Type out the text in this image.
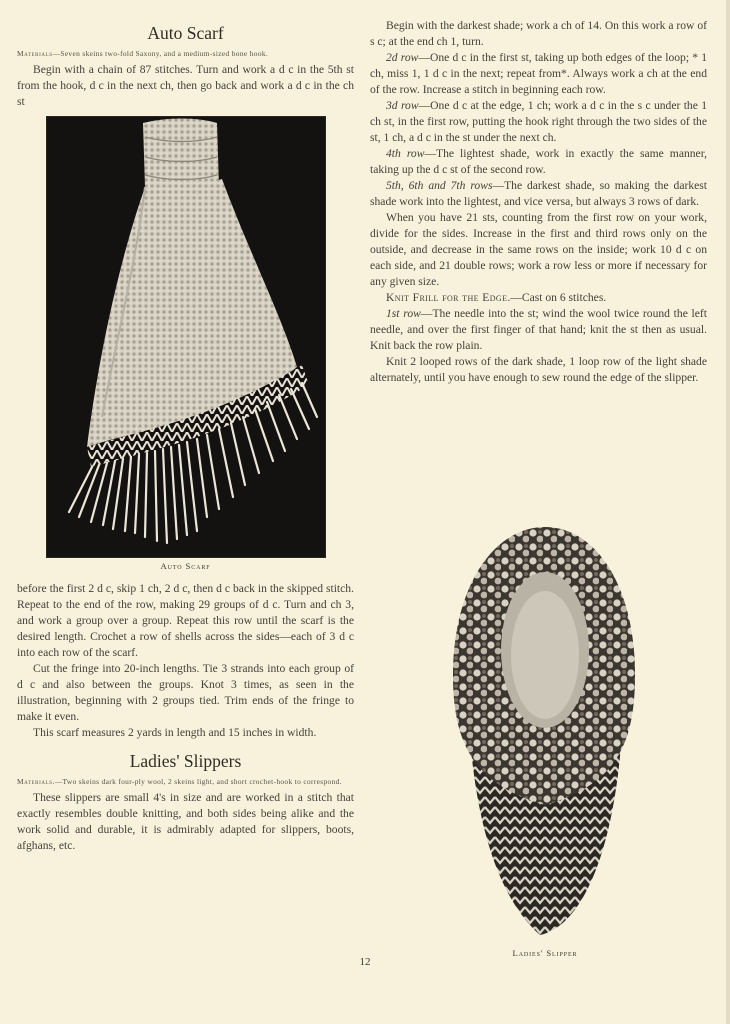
Auto Scarf
Materials—Seven skeins two-fold Saxony, and a medium-sized bone hook.

Begin with a chain of 87 stitches. Turn and work a d c in the 5th st from the hook, d c in the next ch, then go back and work a d c in the ch st

Auto Scarf

before the first 2 d c, skip 1 ch, 2 d c, then d c back in the skipped stitch. Repeat to the end of the row, making 29 groups of d c. Turn and ch 3, and work a group over a group. Repeat this row until the scarf is the desired length. Crochet a row of shells across the sides—each of 3 d c into each row of the scarf.

Cut the fringe into 20-inch lengths. Tie 3 strands into each group of d c and also between the groups. Knot 3 times, as seen in the illustration, beginning with 2 groups tied. Trim ends of the fringe to make it even.

This scarf measures 2 yards in length and 15 inches in width.

Ladies' Slippers
Materials.—Two skeins dark four-ply wool, 2 skeins light, and short crochet-hook to correspond.

These slippers are small 4's in size and are worked in a stitch that exactly resembles double knitting, and both sides being alike and the work solid and durable, it is admirably adapted for slippers, boots, afghans, etc.

Begin with the darkest shade; work a ch of 14. On this work a row of s c; at the end ch 1, turn.

2d row—One d c in the first st, taking up both edges of the loop; * 1 ch, miss 1, 1 d c in the next; repeat from*. Always work a ch at the end of the row. Increase a stitch in beginning each row.

3d row—One d c at the edge, 1 ch; work a d c in the s c under the 1 ch st, in the first row, putting the hook right through the two sides of the st, 1 ch, a d c in the st under the next ch.

4th row—The lightest shade, work in exactly the same manner, taking up the d c st of the second row.

5th, 6th and 7th rows—The darkest shade, so making the darkest shade work into the lightest, and vice versa, but always 3 rows of dark.

When you have 21 sts, counting from the first row on your work, divide for the sides. Increase in the first and third rows only on the outside, and decrease in the same rows on the inside; work 10 d c on each side, and 21 double rows; work a row less or more if necessary for any given size.

Knit Frill for the Edge.—Cast on 6 stitches.

1st row—The needle into the st; wind the wool twice round the left needle, and over the first finger of that hand; knit the st then as usual. Knit back the row plain.

Knit 2 looped rows of the dark shade, 1 loop row of the light shade alternately, until you have enough to sew round the edge of the slipper.

Ladies' Slipper
12
